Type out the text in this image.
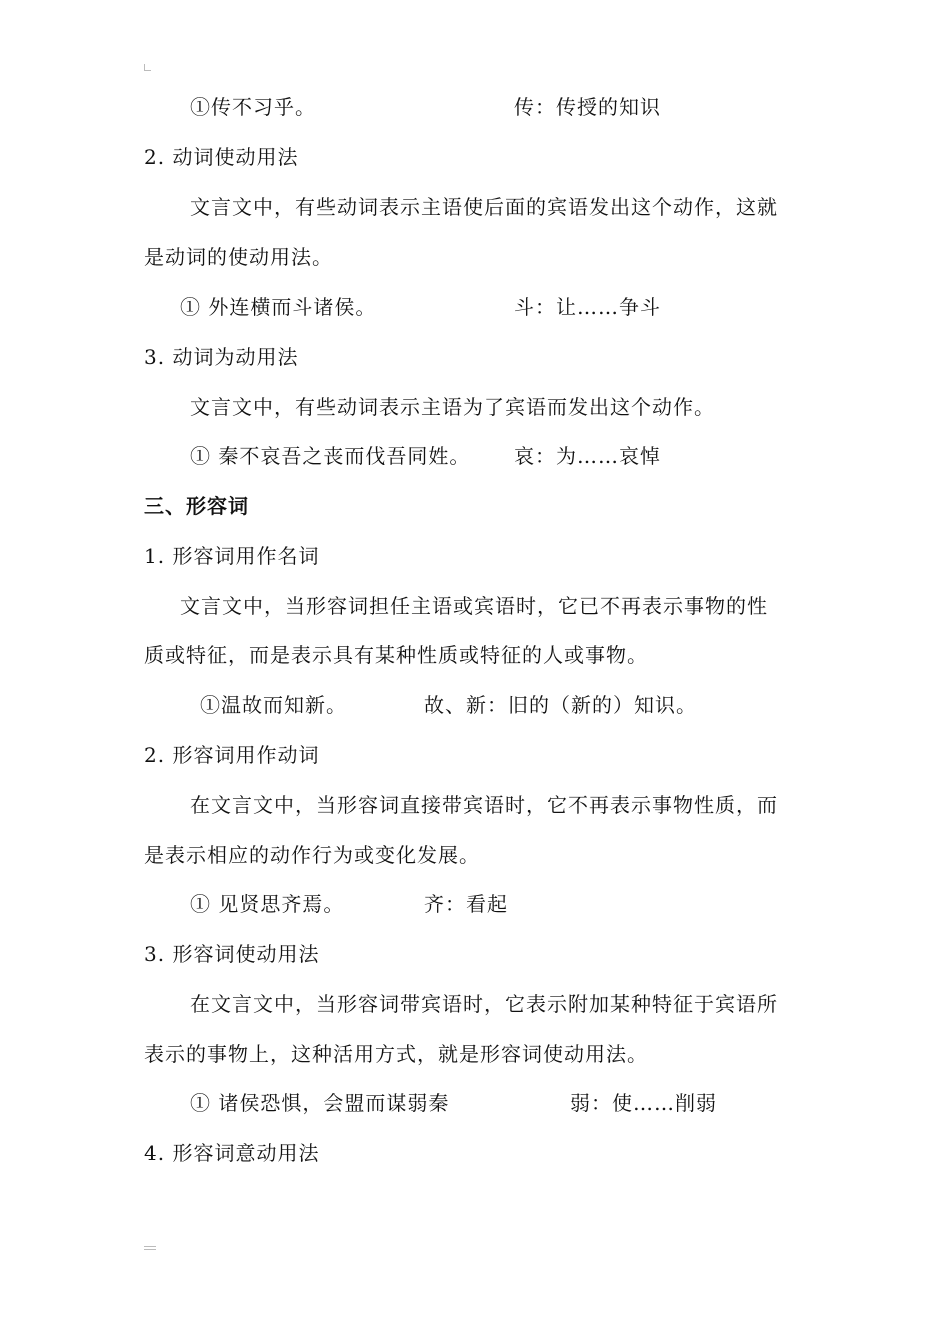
①传不习乎。	传：传授的知识
2. 动词使动用法
文言文中，有些动词表示主语使后面的宾语发出这个动作，这就
是动词的使动用法。
① 外连横而斗诸侯。	斗：让……争斗
3. 动词为动用法
文言文中，有些动词表示主语为了宾语而发出这个动作。
① 秦不哀吾之丧而伐吾同姓。 哀：为……哀悼
三、形容词
1. 形容词用作名词
文言文中，当形容词担任主语或宾语时，它已不再表示事物的性
质或特征，而是表示具有某种性质或特征的人或事物。
①温故而知新。	故、新：旧的（新的）知识。
2. 形容词用作动词
在文言文中，当形容词直接带宾语时，它不再表示事物性质，而
是表示相应的动作行为或变化发展。
① 见贤思齐焉。	齐：看起
3. 形容词使动用法
在文言文中，当形容词带宾语时，它表示附加某种特征于宾语所
表示的事物上，这种活用方式，就是形容词使动用法。
① 诸侯恐惧，会盟而谋弱秦	弱：使……削弱
4. 形容词意动用法
